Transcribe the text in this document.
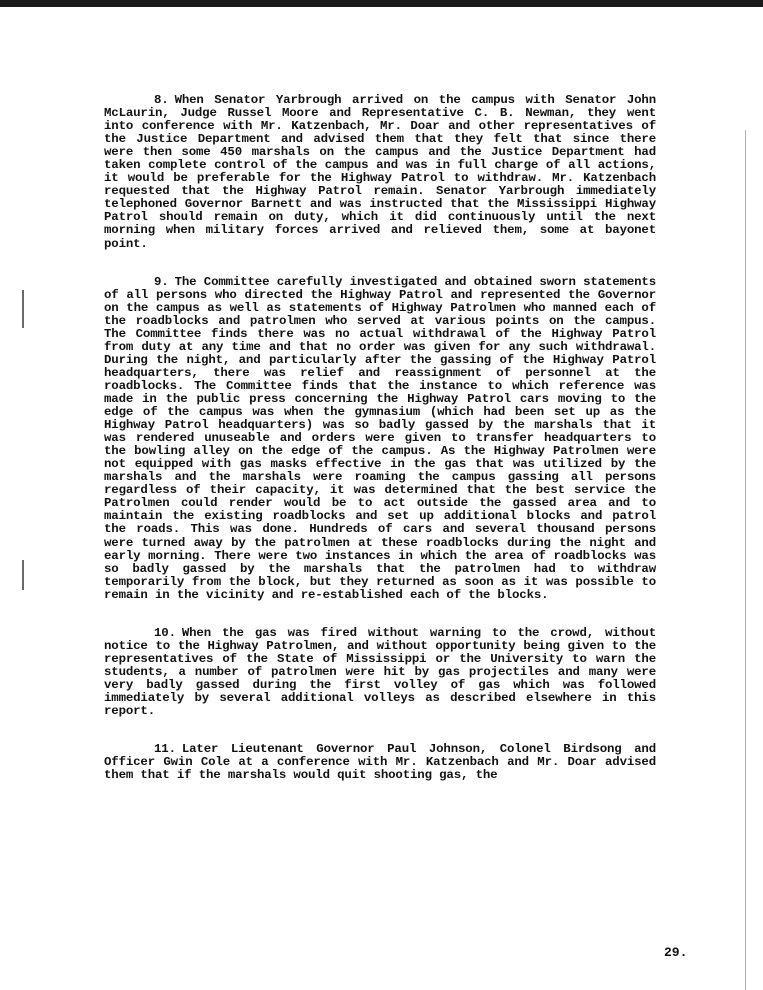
8. When Senator Yarbrough arrived on the campus with Senator John McLaurin, Judge Russel Moore and Representative C. B. Newman, they went into conference with Mr. Katzenbach, Mr. Doar and other representatives of the Justice Department and advised them that they felt that since there were then some 450 marshals on the campus and the Justice Department had taken complete control of the campus and was in full charge of all actions, it would be preferable for the Highway Patrol to withdraw. Mr. Katzenbach requested that the Highway Patrol remain. Senator Yarbrough immediately telephoned Governor Barnett and was instructed that the Mississippi Highway Patrol should remain on duty, which it did continuously until the next morning when military forces arrived and relieved them, some at bayonet point.

9. The Committee carefully investigated and obtained sworn statements of all persons who directed the Highway Patrol and represented the Governor on the campus as well as statements of Highway Patrolmen who manned each of the roadblocks and patrolmen who served at various points on the campus. The Committee finds there was no actual withdrawal of the Highway Patrol from duty at any time and that no order was given for any such withdrawal. During the night, and particularly after the gassing of the Highway Patrol headquarters, there was relief and reassignment of personnel at the roadblocks. The Committee finds that the instance to which reference was made in the public press concerning the Highway Patrol cars moving to the edge of the campus was when the gymnasium (which had been set up as the Highway Patrol headquarters) was so badly gassed by the marshals that it was rendered unuseable and orders were given to transfer headquarters to the bowling alley on the edge of the campus. As the Highway Patrolmen were not equipped with gas masks effective in the gas that was utilized by the marshals and the marshals were roaming the campus gassing all persons regardless of their capacity, it was determined that the best service the Patrolmen could render would be to act outside the gassed area and to maintain the existing roadblocks and set up additional blocks and patrol the roads. This was done. Hundreds of cars and several thousand persons were turned away by the patrolmen at these roadblocks during the night and early morning. There were two instances in which the area of roadblocks was so badly gassed by the marshals that the patrolmen had to withdraw temporarily from the block, but they returned as soon as it was possible to remain in the vicinity and re-established each of the blocks.

10. When the gas was fired without warning to the crowd, without notice to the Highway Patrolmen, and without opportunity being given to the representatives of the State of Mississippi or the University to warn the students, a number of patrolmen were hit by gas projectiles and many were very badly gassed during the first volley of gas which was followed immediately by several additional volleys as described elsewhere in this report.

11. Later Lieutenant Governor Paul Johnson, Colonel Birdsong and Officer Gwin Cole at a conference with Mr. Katzenbach and Mr. Doar advised them that if the marshals would quit shooting gas, the

29.
